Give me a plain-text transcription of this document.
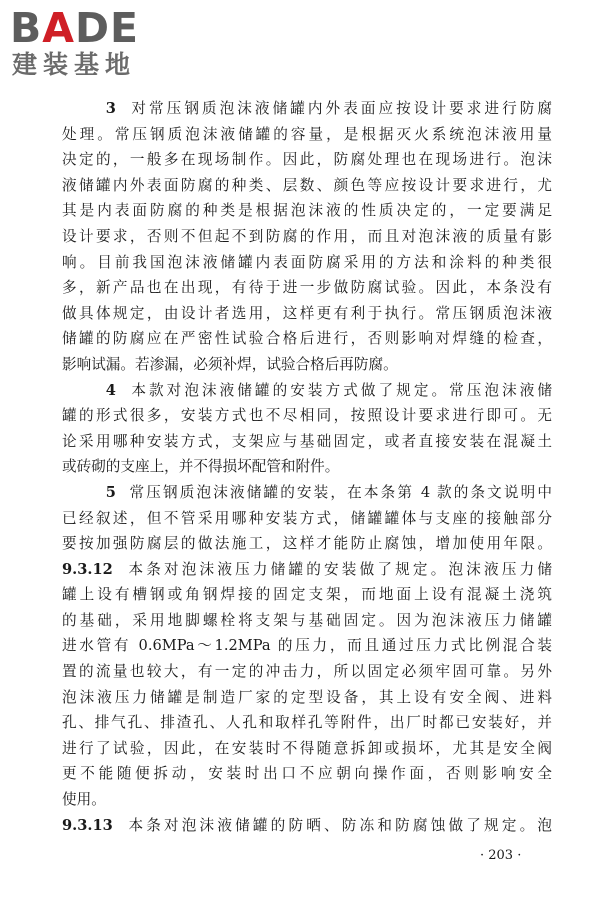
BADE
建装基地
3 对常压钢质泡沫液储罐内外表面应按设计要求进行防腐
处理。常压钢质泡沫液储罐的容量，是根据灭火系统泡沫液用量
决定的，一般多在现场制作。因此，防腐处理也在现场进行。泡沫
液储罐内外表面防腐的种类、层数、颜色等应按设计要求进行，尤
其是内表面防腐的种类是根据泡沫液的性质决定的，一定要满足
设计要求，否则不但起不到防腐的作用，而且对泡沫液的质量有影
响。目前我国泡沫液储罐内表面防腐采用的方法和涂料的种类很
多，新产品也在出现，有待于进一步做防腐试验。因此，本条没有
做具体规定，由设计者选用，这样更有利于执行。常压钢质泡沫液
储罐的防腐应在严密性试验合格后进行，否则影响对焊缝的检查，
影响试漏。若渗漏，必须补焊，试验合格后再防腐。
4 本款对泡沫液储罐的安装方式做了规定。常压泡沫液储
罐的形式很多，安装方式也不尽相同，按照设计要求进行即可。无
论采用哪种安装方式，支架应与基础固定，或者直接安装在混凝土
或砖砌的支座上，并不得损坏配管和附件。
5 常压钢质泡沫液储罐的安装，在本条第 4 款的条文说明中
已经叙述，但不管采用哪种安装方式，储罐罐体与支座的接触部分
要按加强防腐层的做法施工，这样才能防止腐蚀，增加使用年限。
9.3.12 本条对泡沫液压力储罐的安装做了规定。泡沫液压力储
罐上设有槽钢或角钢焊接的固定支架，而地面上设有混凝土浇筑
的基础，采用地脚螺栓将支架与基础固定。因为泡沫液压力储罐
进水管有 0.6MPa～1.2MPa 的压力，而且通过压力式比例混合装
置的流量也较大，有一定的冲击力，所以固定必须牢固可靠。另外
泡沫液压力储罐是制造厂家的定型设备，其上设有安全阀、进料
孔、排气孔、排渣孔、人孔和取样孔等附件，出厂时都已安装好，并
进行了试验，因此，在安装时不得随意拆卸或损坏，尤其是安全阀
更不能随便拆动，安装时出口不应朝向操作面，否则影响安全
使用。
9.3.13 本条对泡沫液储罐的防晒、防冻和防腐蚀做了规定。泡
· 203 ·
